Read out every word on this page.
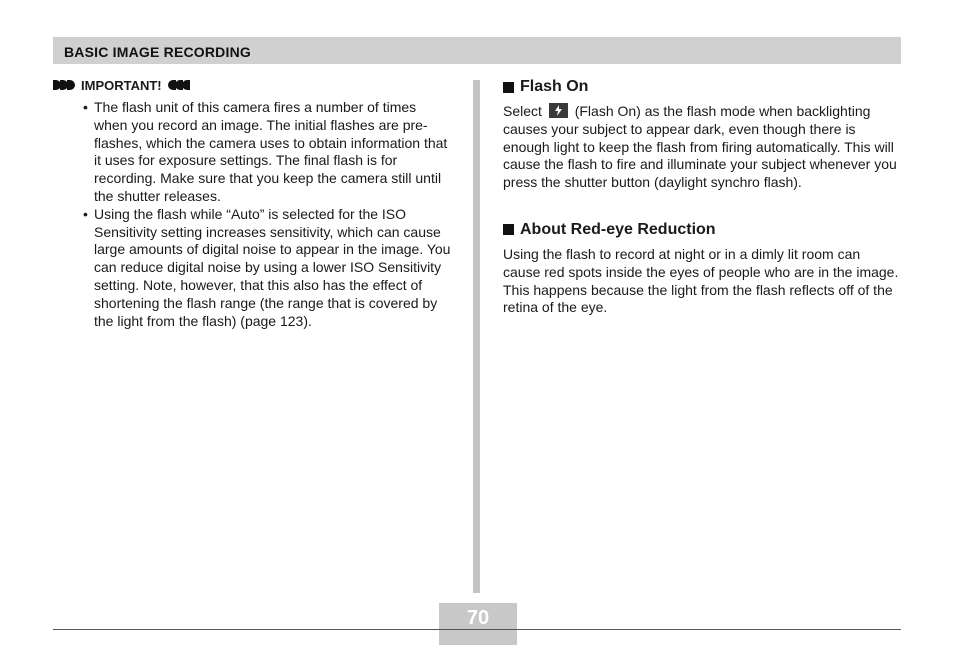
BASIC IMAGE RECORDING
IMPORTANT!
• The flash unit of this camera fires a number of times when you record an image. The initial flashes are pre-flashes, which the camera uses to obtain information that it uses for exposure settings. The final flash is for recording. Make sure that you keep the camera still until the shutter releases.
• Using the flash while “Auto” is selected for the ISO Sensitivity setting increases sensitivity, which can cause large amounts of digital noise to appear in the image. You can reduce digital noise by using a lower ISO Sensitivity setting. Note, however, that this also has the effect of shortening the flash range (the range that is covered by the light from the flash) (page 123).
Flash On

Select (Flash On) as the flash mode when backlighting causes your subject to appear dark, even though there is enough light to keep the flash from firing automatically. This will cause the flash to fire and illuminate your subject whenever you press the shutter button (daylight synchro flash).

About Red-eye Reduction

Using the flash to record at night or in a dimly lit room can cause red spots inside the eyes of people who are in the image. This happens because the light from the flash reflects off of the retina of the eye.

70
